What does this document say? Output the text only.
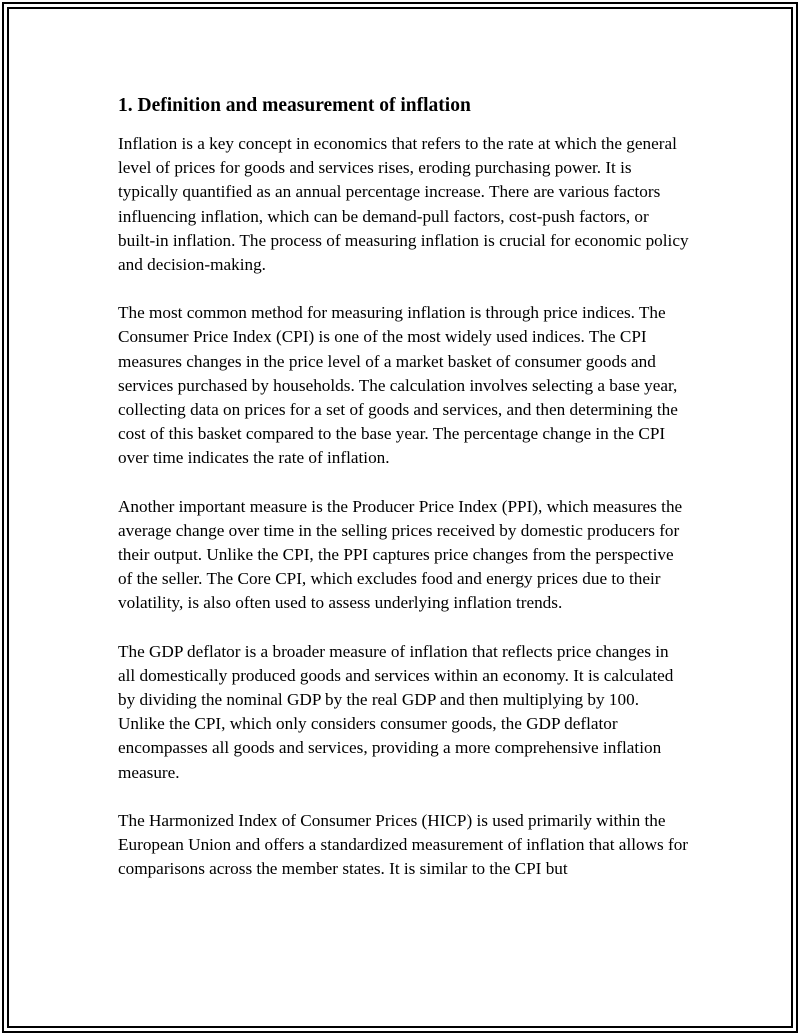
1. Definition and measurement of inflation

Inflation is a key concept in economics that refers to the rate at which the general level of prices for goods and services rises, eroding purchasing power. It is typically quantified as an annual percentage increase. There are various factors influencing inflation, which can be demand-pull factors, cost-push factors, or built-in inflation. The process of measuring inflation is crucial for economic policy and decision-making.

The most common method for measuring inflation is through price indices. The Consumer Price Index (CPI) is one of the most widely used indices. The CPI measures changes in the price level of a market basket of consumer goods and services purchased by households. The calculation involves selecting a base year, collecting data on prices for a set of goods and services, and then determining the cost of this basket compared to the base year. The percentage change in the CPI over time indicates the rate of inflation.

Another important measure is the Producer Price Index (PPI), which measures the average change over time in the selling prices received by domestic producers for their output. Unlike the CPI, the PPI captures price changes from the perspective of the seller. The Core CPI, which excludes food and energy prices due to their volatility, is also often used to assess underlying inflation trends.

The GDP deflator is a broader measure of inflation that reflects price changes in all domestically produced goods and services within an economy. It is calculated by dividing the nominal GDP by the real GDP and then multiplying by 100. Unlike the CPI, which only considers consumer goods, the GDP deflator encompasses all goods and services, providing a more comprehensive inflation measure.

The Harmonized Index of Consumer Prices (HICP) is used primarily within the European Union and offers a standardized measurement of inflation that allows for comparisons across the member states. It is similar to the CPI but
